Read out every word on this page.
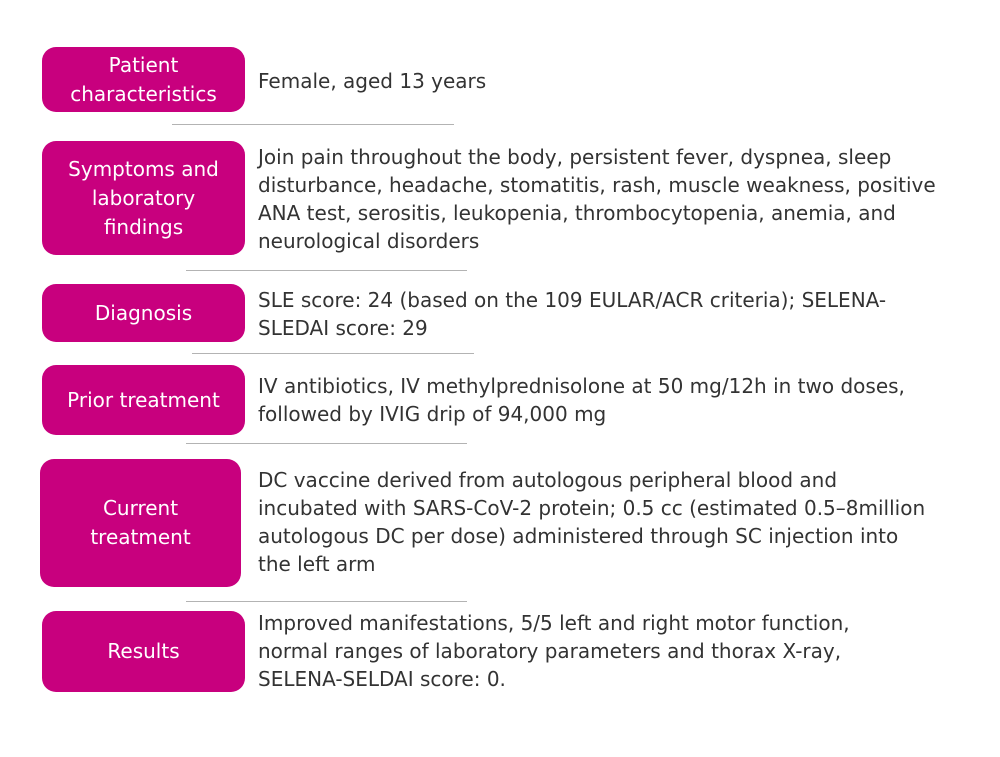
Patient
characteristics

Female, aged 13 years

Symptoms and
laboratory
findings

Join pain throughout the body, persistent fever, dyspnea, sleep
disturbance, headache, stomatitis, rash, muscle weakness, positive
ANA test, serositis, leukopenia, thrombocytopenia, anemia, and
neurological disorders

Diagnosis

SLE score: 24 (based on the 109 EULAR/ACR criteria); SELENA-
SLEDAI score: 29

Prior treatment

IV antibiotics, IV methylprednisolone at 50 mg/12h in two doses,
followed by IVIG drip of 94,000 mg

Current
treatment

DC vaccine derived from autologous peripheral blood and
incubated with SARS-CoV-2 protein; 0.5 cc (estimated 0.5–8million
autologous DC per dose) administered through SC injection into
the left arm

Results

Improved manifestations, 5/5 left and right motor function,
normal ranges of laboratory parameters and thorax X-ray,
SELENA-SELDAI score: 0.
